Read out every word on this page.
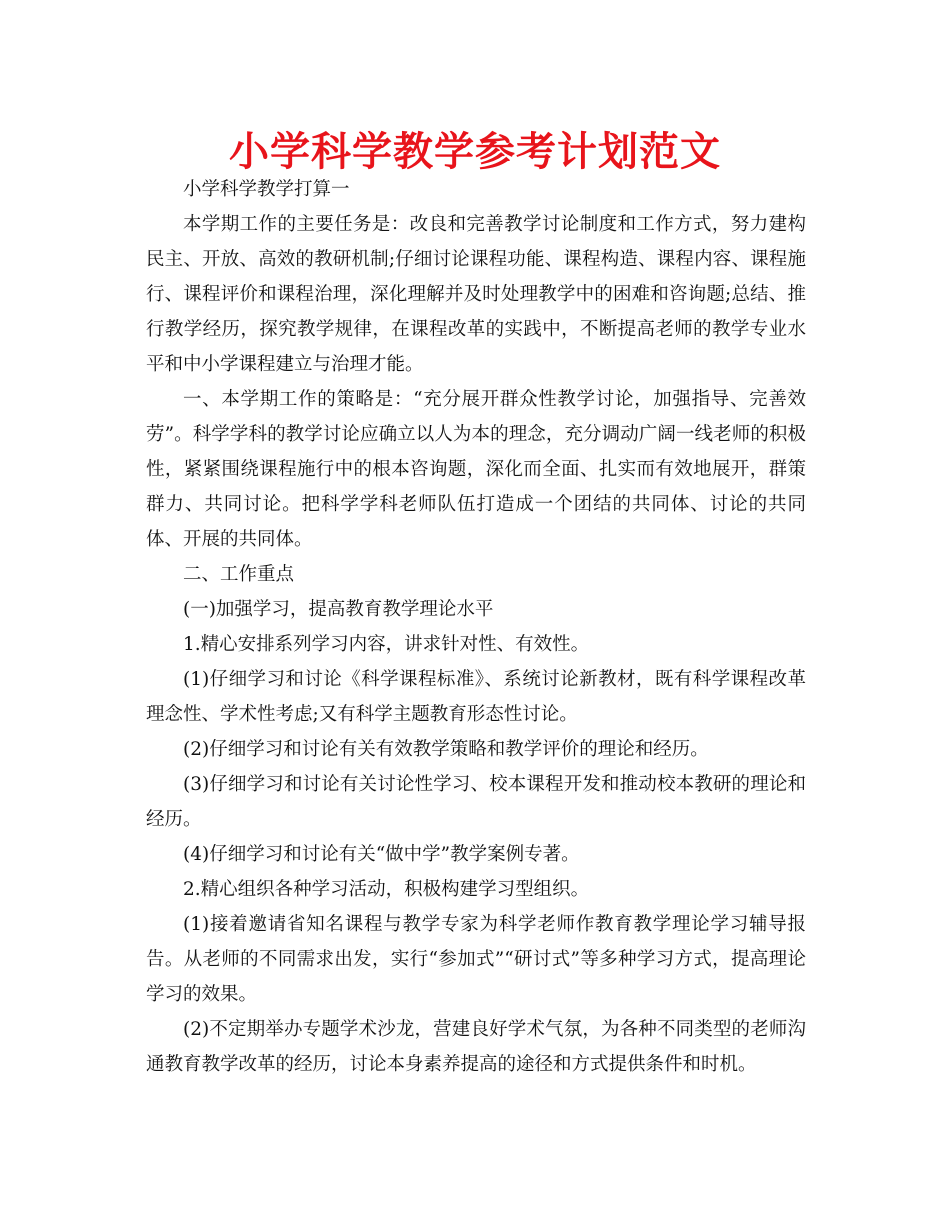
小学科学教学参考计划范文

小学科学教学打算一

本学期工作的主要任务是：改良和完善教学讨论制度和工作方式，努力建构民主、开放、高效的教研机制;仔细讨论课程功能、课程构造、课程内容、课程施行、课程评价和课程治理，深化理解并及时处理教学中的困难和咨询题;总结、推行教学经历，探究教学规律，在课程改革的实践中，不断提高老师的教学专业水平和中小学课程建立与治理才能。

一、本学期工作的策略是：“充分展开群众性教学讨论，加强指导、完善效劳”。科学学科的教学讨论应确立以人为本的理念，充分调动广阔一线老师的积极性，紧紧围绕课程施行中的根本咨询题，深化而全面、扎实而有效地展开，群策群力、共同讨论。把科学学科老师队伍打造成一个团结的共同体、讨论的共同体、开展的共同体。

二、工作重点

(一)加强学习，提高教育教学理论水平

1.精心安排系列学习内容，讲求针对性、有效性。

(1)仔细学习和讨论《科学课程标准》、系统讨论新教材，既有科学课程改革理念性、学术性考虑;又有科学主题教育形态性讨论。

(2)仔细学习和讨论有关有效教学策略和教学评价的理论和经历。

(3)仔细学习和讨论有关讨论性学习、校本课程开发和推动校本教研的理论和经历。

(4)仔细学习和讨论有关“做中学”教学案例专著。

2.精心组织各种学习活动，积极构建学习型组织。

(1)接着邀请省知名课程与教学专家为科学老师作教育教学理论学习辅导报告。从老师的不同需求出发，实行“参加式”“研讨式”等多种学习方式，提高理论学习的效果。

(2)不定期举办专题学术沙龙，营建良好学术气氛，为各种不同类型的老师沟通教育教学改革的经历，讨论本身素养提高的途径和方式提供条件和时机。
